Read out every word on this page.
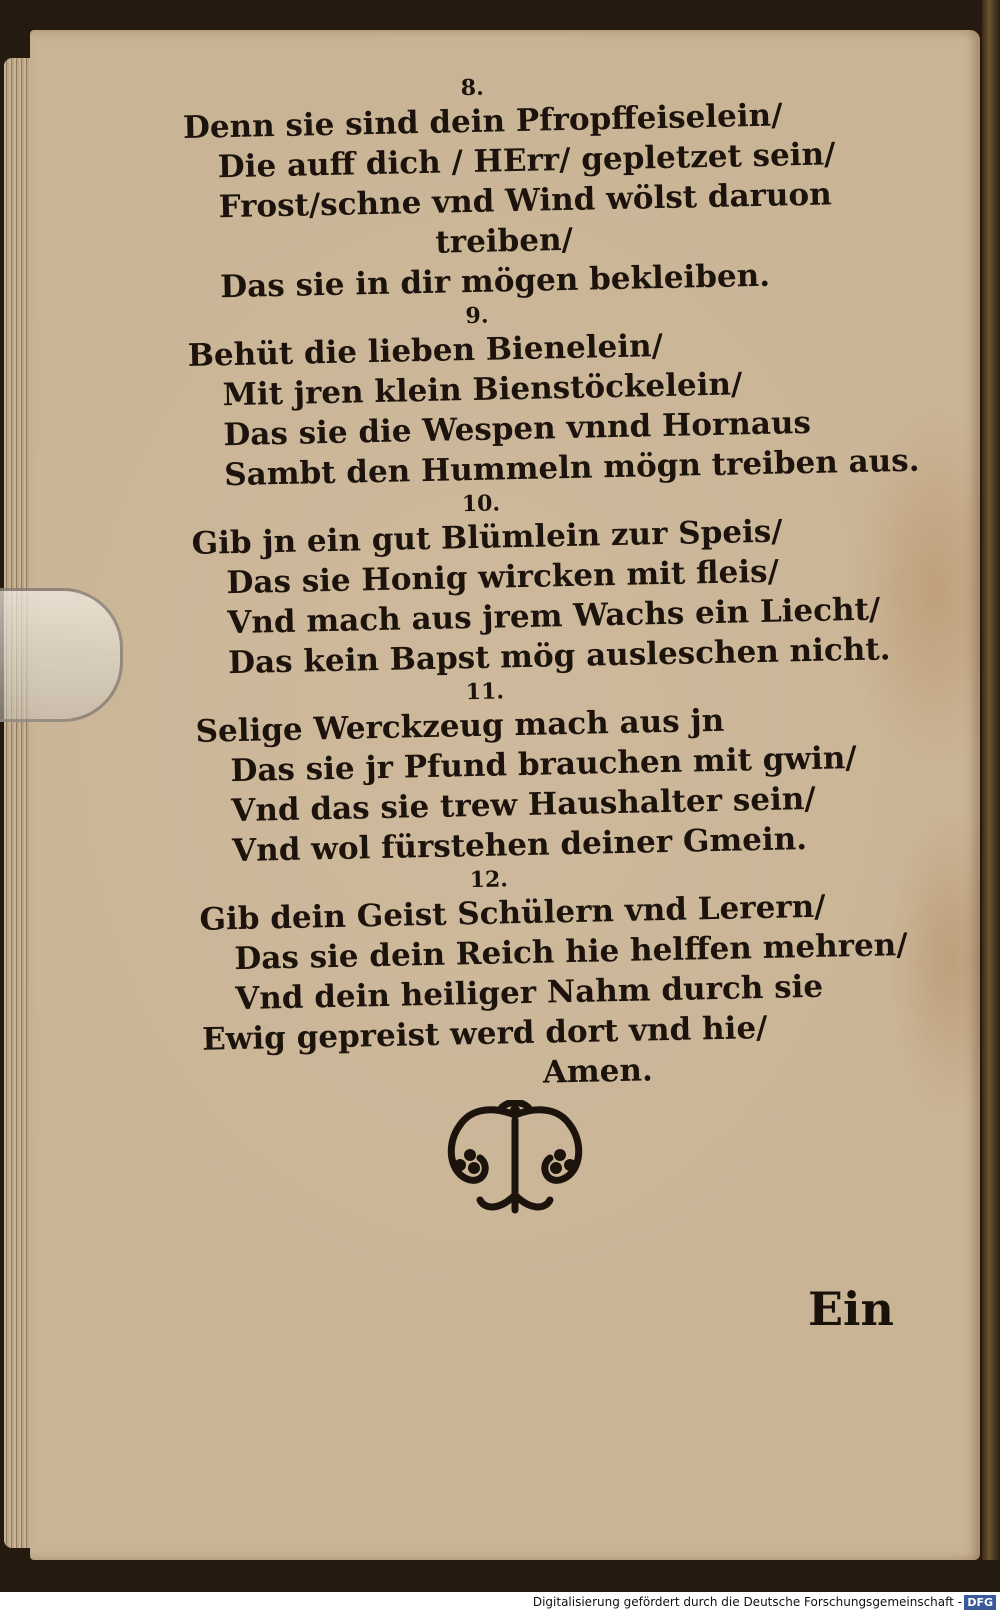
8.
Denn sie sind dein Pfropffeiselein/
Die auff dich / HErr/ gepletzet sein/
Frost/schne vnd Wind wölst daruon
treiben/
Das sie in dir mögen bekleiben.
9.
Behüt die lieben Bienelein/
Mit jren klein Bienstöckelein/
Das sie die Wespen vnnd Hornaus
Sambt den Hummeln mögn treiben aus.
10.
Gib jn ein gut Blümlein zur Speis/
Das sie Honig wircken mit fleis/
Vnd mach aus jrem Wachs ein Liecht/
Das kein Bapst mög ausleschen nicht.
11.
Selige Werckzeug mach aus jn
Das sie jr Pfund brauchen mit gwin/
Vnd das sie trew Haushalter sein/
Vnd wol fürstehen deiner Gmein.
12.
Gib dein Geist Schülern vnd Lerern/
Das sie dein Reich hie helffen mehren/
Vnd dein heiliger Nahm durch sie
Ewig gepreist werd dort vnd hie/
Amen.
Ein
Digitalisierung gefördert durch die Deutsche Forschungsgemeinschaft - DFG
